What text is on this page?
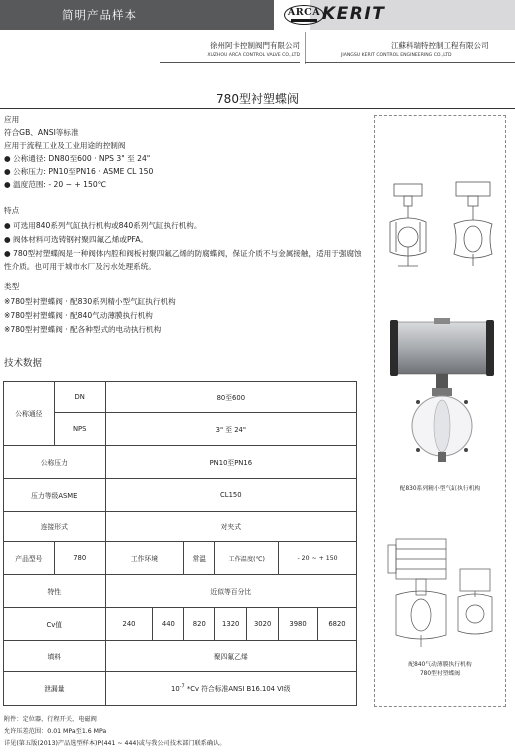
简明产品样本	KERIT
ARCA
徐州阿卡控制阀門有限公司
XUZHOU ARCA CONTROL VALVE CO.,LTD
江蘇科瑞特控制工程有限公司
JIANGSU KERIT CONTROL ENGINEERING CO.,LTD
780型衬塑蝶阀
应用
符合GB、ANSI等标准
应用于流程工业及工业用途的控制阀
● 公称通径: DN80至600 · NPS 3" 至 24"
● 公称压力: PN10至PN16 · ASME CL 150
● 温度范围: - 20 ~ + 150℃
特点
● 可选用840系列气缸执行机构或840系列气缸执行机构。
● 阀体材料可选铸钢衬聚四氟乙烯或PFA。
● 780型衬塑蝶阀是一种阀体内腔和阀板衬聚四氟乙烯的防腐蝶阀，保证介质不与金属接触，适用于强腐蚀性介质。也可用于城市水厂及污水处理系统。
类型
※780型衬塑蝶阀 · 配830系列精小型气缸执行机构
※780型衬塑蝶阀 · 配840气动薄膜执行机构
※780型衬塑蝶阀 · 配各种型式的电动执行机构
技术数据
公称通径	DN	80至600						
	NPS	3" 至 24"						
公称压力		PN10至PN16						
压力等级ASME		CL150						
连接形式		对夹式						
产品型号	780	工作环境		常温	工作温度(℃)		- 20 ~ + 150	
特性		近似等百分比						
Cv值		240	440	820	1320	3020	3980	6820
填料		聚四氟乙烯						
泄漏量		$10^{-7}$ *Cv 符合标准ANSI B16.104 VI级						
附件：定位器、行程开关、电磁阀
允许压差范围：0.01 MPa至1.6 MPa
详见(第五版(2013)产品选型样本)P(441 ~ 444)或与我公司技术部门联系确认。
配830系列精小型气缸执行机构
配840气动薄膜执行机构
780型衬塑蝶阀
